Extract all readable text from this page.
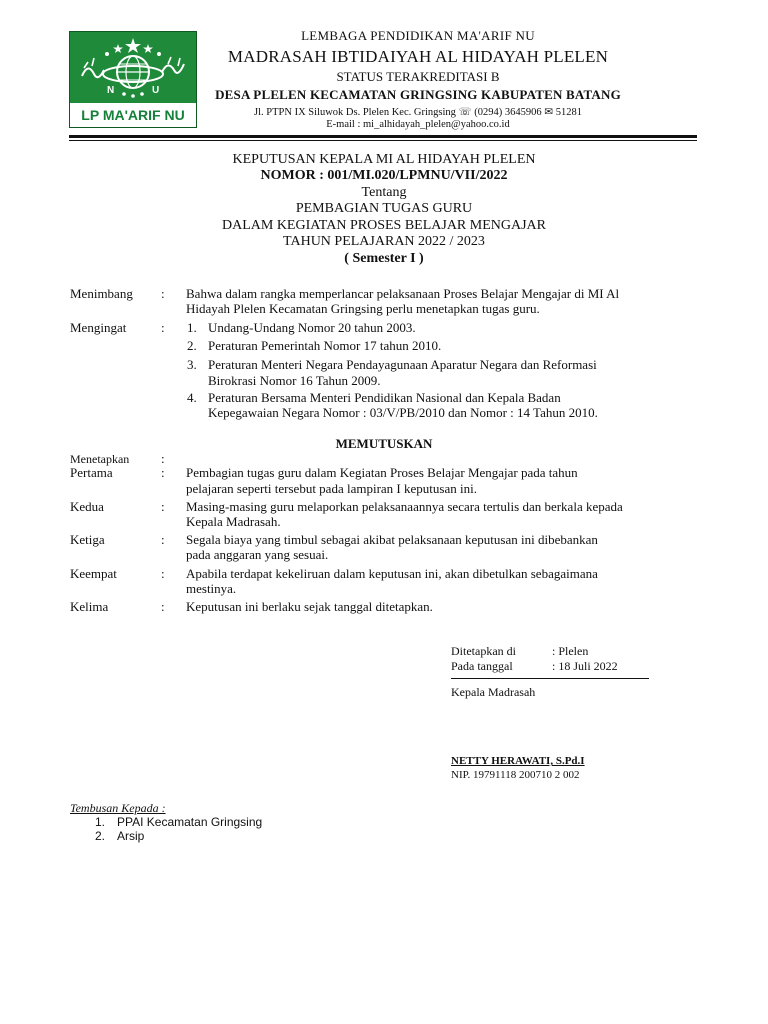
N	U
LP MA'ARIF NU
LEMBAGA PENDIDIKAN MA'ARIF NU
MADRASAH IBTIDAIYAH AL HIDAYAH PLELEN
STATUS TERAKREDITASI B
DESA PLELEN KECAMATAN GRINGSING KABUPATEN BATANG
Jl. PTPN IX Siluwok Ds. Plelen Kec. Gringsing ☏ (0294) 3645906 ✉ 51281
E-mail : mi_alhidayah_plelen@yahoo.co.id
KEPUTUSAN KEPALA MI AL HIDAYAH PLELEN
NOMOR : 001/MI.020/LPMNU/VII/2022
Tentang
PEMBAGIAN TUGAS GURU
DALAM KEGIATAN PROSES BELAJAR MENGAJAR
TAHUN PELAJARAN 2022 / 2023
( Semester I )
Menimbang : Bahwa dalam rangka memperlancar pelaksanaan Proses Belajar Mengajar di MI Al
Hidayah Plelen Kecamatan Gringsing perlu menetapkan tugas guru.
Mengingat	: 1. Undang-Undang Nomor 20 tahun 2003.
2. Peraturan Pemerintah Nomor 17 tahun 2010.
3. Peraturan Menteri Negara Pendayagunaan Aparatur Negara dan Reformasi
Birokrasi Nomor 16 Tahun 2009.
4. Peraturan Bersama Menteri Pendidikan Nasional dan Kepala Badan
Kepegawaian Negara Nomor : 03/V/PB/2010 dan Nomor : 14 Tahun 2010.
MEMUTUSKAN
Menetapkan :
Pertama	: Pembagian tugas guru dalam Kegiatan Proses Belajar Mengajar pada tahun
pelajaran seperti tersebut pada lampiran I keputusan ini.
Kedua	: Masing-masing guru melaporkan pelaksanaannya secara tertulis dan berkala kepada
Kepala Madrasah.
Ketiga	: Segala biaya yang timbul sebagai akibat pelaksanaan keputusan ini dibebankan
pada anggaran yang sesuai.
Keempat	: Apabila terdapat kekeliruan dalam keputusan ini, akan dibetulkan sebagaimana
mestinya.
Kelima	: Keputusan ini berlaku sejak tanggal ditetapkan.
Ditetapkan di	: Plelen
Pada tanggal	: 18 Juli 2022
Kepala Madrasah
NETTY HERAWATI, S.Pd.I
NIP. 19791118 200710 2 002
Tembusan Kepada :
1. PPAI Kecamatan Gringsing
2. Arsip
